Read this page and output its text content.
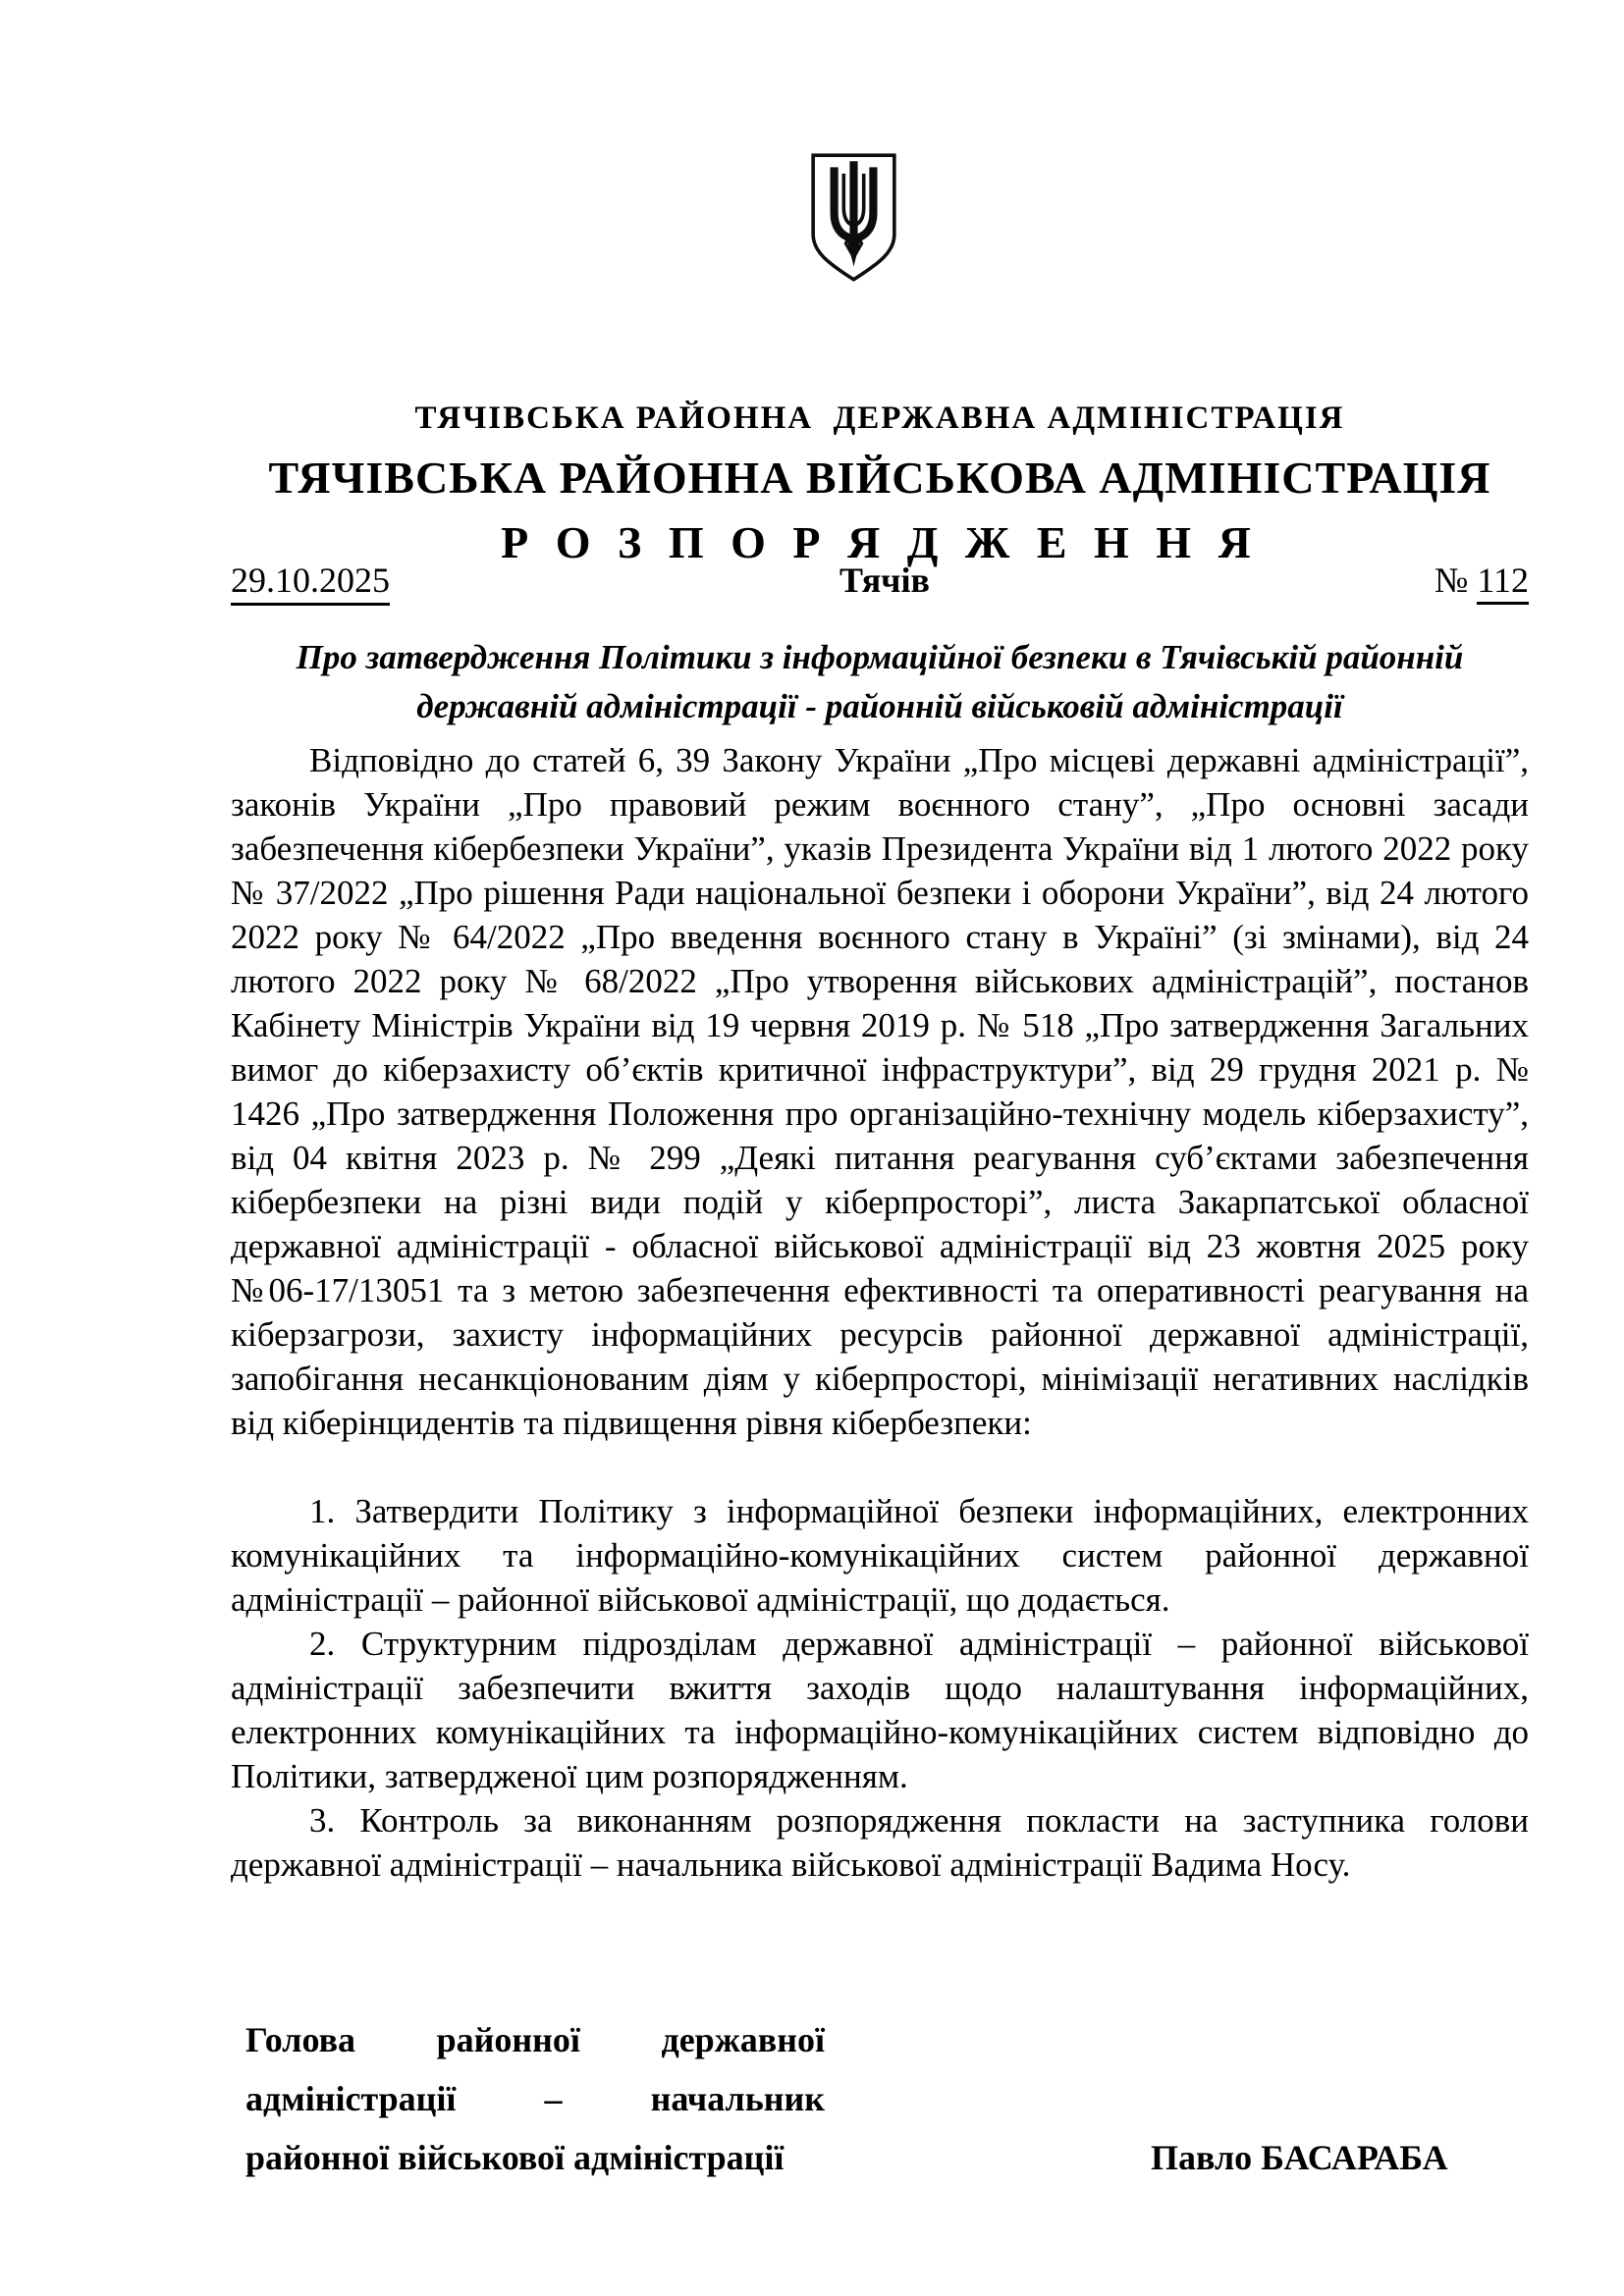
ТЯЧІВСЬКА РАЙОННА  ДЕРЖАВНА АДМІНІСТРАЦІЯ
ТЯЧІВСЬКА РАЙОННА ВІЙСЬКОВА АДМІНІСТРАЦІЯ
Р О З П О Р Я Д Ж Е Н Н Я
29.10.2025	Тячів	№ 112
Про затвердження Політики з інформаційної безпеки в Тячівській районній
державній адміністрації - районній військовій адміністрації

Відповідно до статей 6, 39 Закону України „Про місцеві державні адміністрації”, законів України „Про правовий режим воєнного стану”, „Про основні засади забезпечення кібербезпеки України”, указів Президента України від 1 лютого 2022 року № 37/2022 „Про рішення Ради національної безпеки і оборони України”, від 24 лютого 2022 року № 64/2022 „Про введення воєнного стану в Україні” (зі змінами), від 24 лютого 2022 року № 68/2022 „Про утворення військових адміністрацій”, постанов Кабінету Міністрів України від 19 червня 2019 р. № 518 „Про затвердження Загальних вимог до кіберзахисту об’єктів критичної інфраструктури”, від 29 грудня 2021 р. № 1426 „Про затвердження Положення про організаційно-технічну модель кіберзахисту”, від 04 квітня 2023 р. № 299 „Деякі питання реагування суб’єктами забезпечення кібербезпеки на різні види подій у кіберпросторі”, листа Закарпатської обласної державної адміністрації - обласної військової адміністрації від 23 жовтня 2025 року №06-17/13051 та з метою забезпечення ефективності та оперативності реагування на кіберзагрози, захисту інформаційних ресурсів районної державної адміністрації, запобігання несанкціонованим діям у кіберпросторі, мінімізації негативних наслідків від кіберінцидентів та підвищення рівня кібербезпеки:

1. Затвердити Політику з інформаційної безпеки інформаційних, електронних комунікаційних та інформаційно-комунікаційних систем районної державної адміністрації – районної військової адміністрації, що додається.

2. Структурним підрозділам державної адміністрації – районної військової адміністрації забезпечити вжиття заходів щодо налаштування інформаційних, електронних комунікаційних та інформаційно-комунікаційних систем відповідно до Політики, затвердженої цим розпорядженням.

3. Контроль за виконанням розпорядження покласти на заступника голови державної адміністрації – начальника військової адміністрації Вадима Носу.

Голова районної державної
адміністрації – начальник
районної військової адміністрації	Павло БАСАРАБА
